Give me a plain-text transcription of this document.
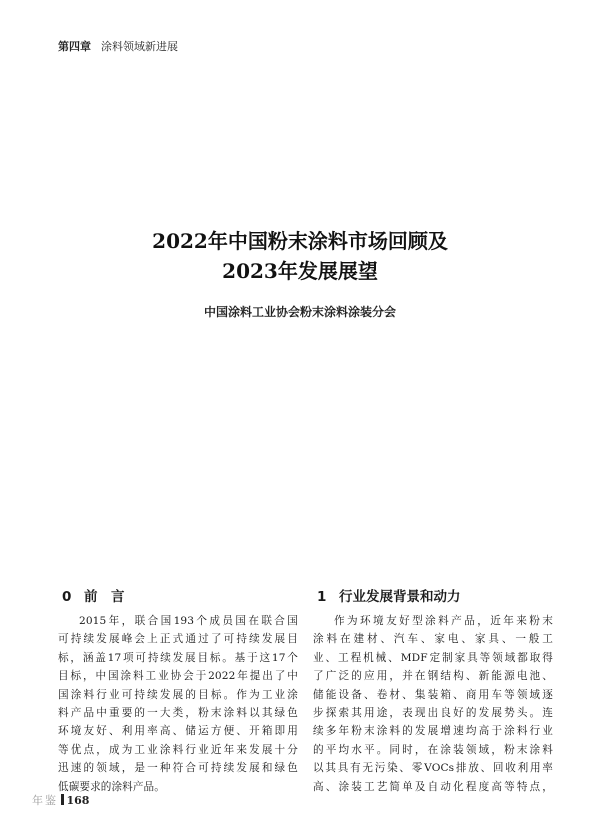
第四章 涂料领域新进展
2022年中国粉末涂料市场回顾及
2023年发展展望
中国涂料工业协会粉末涂料涂装分会
0 前　言
2015年，联合国193个成员国在联合国
可持续发展峰会上正式通过了可持续发展目
标，涵盖17项可持续发展目标。基于这17个
目标，中国涂料工业协会于2022年提出了中
国涂料行业可持续发展的目标。作为工业涂
料产品中重要的一大类，粉末涂料以其绿色
环境友好、利用率高、储运方便、开箱即用
等优点，成为工业涂料行业近年来发展十分
迅速的领域，是一种符合可持续发展和绿色
低碳要求的涂料产品。
1 行业发展背景和动力
作为环境友好型涂料产品，近年来粉末
涂料在建材、汽车、家电、家具、一般工
业、工程机械、MDF定制家具等领域都取得
了广泛的应用，并在钢结构、新能源电池、
储能设备、卷材、集装箱、商用车等领域逐
步探索其用途，表现出良好的发展势头。连
续多年粉末涂料的发展增速均高于涂料行业
的平均水平。同时，在涂装领域，粉末涂料
以其具有无污染、零VOCs排放、回收利用率
高、涂装工艺简单及自动化程度高等特点，
年鉴 168
